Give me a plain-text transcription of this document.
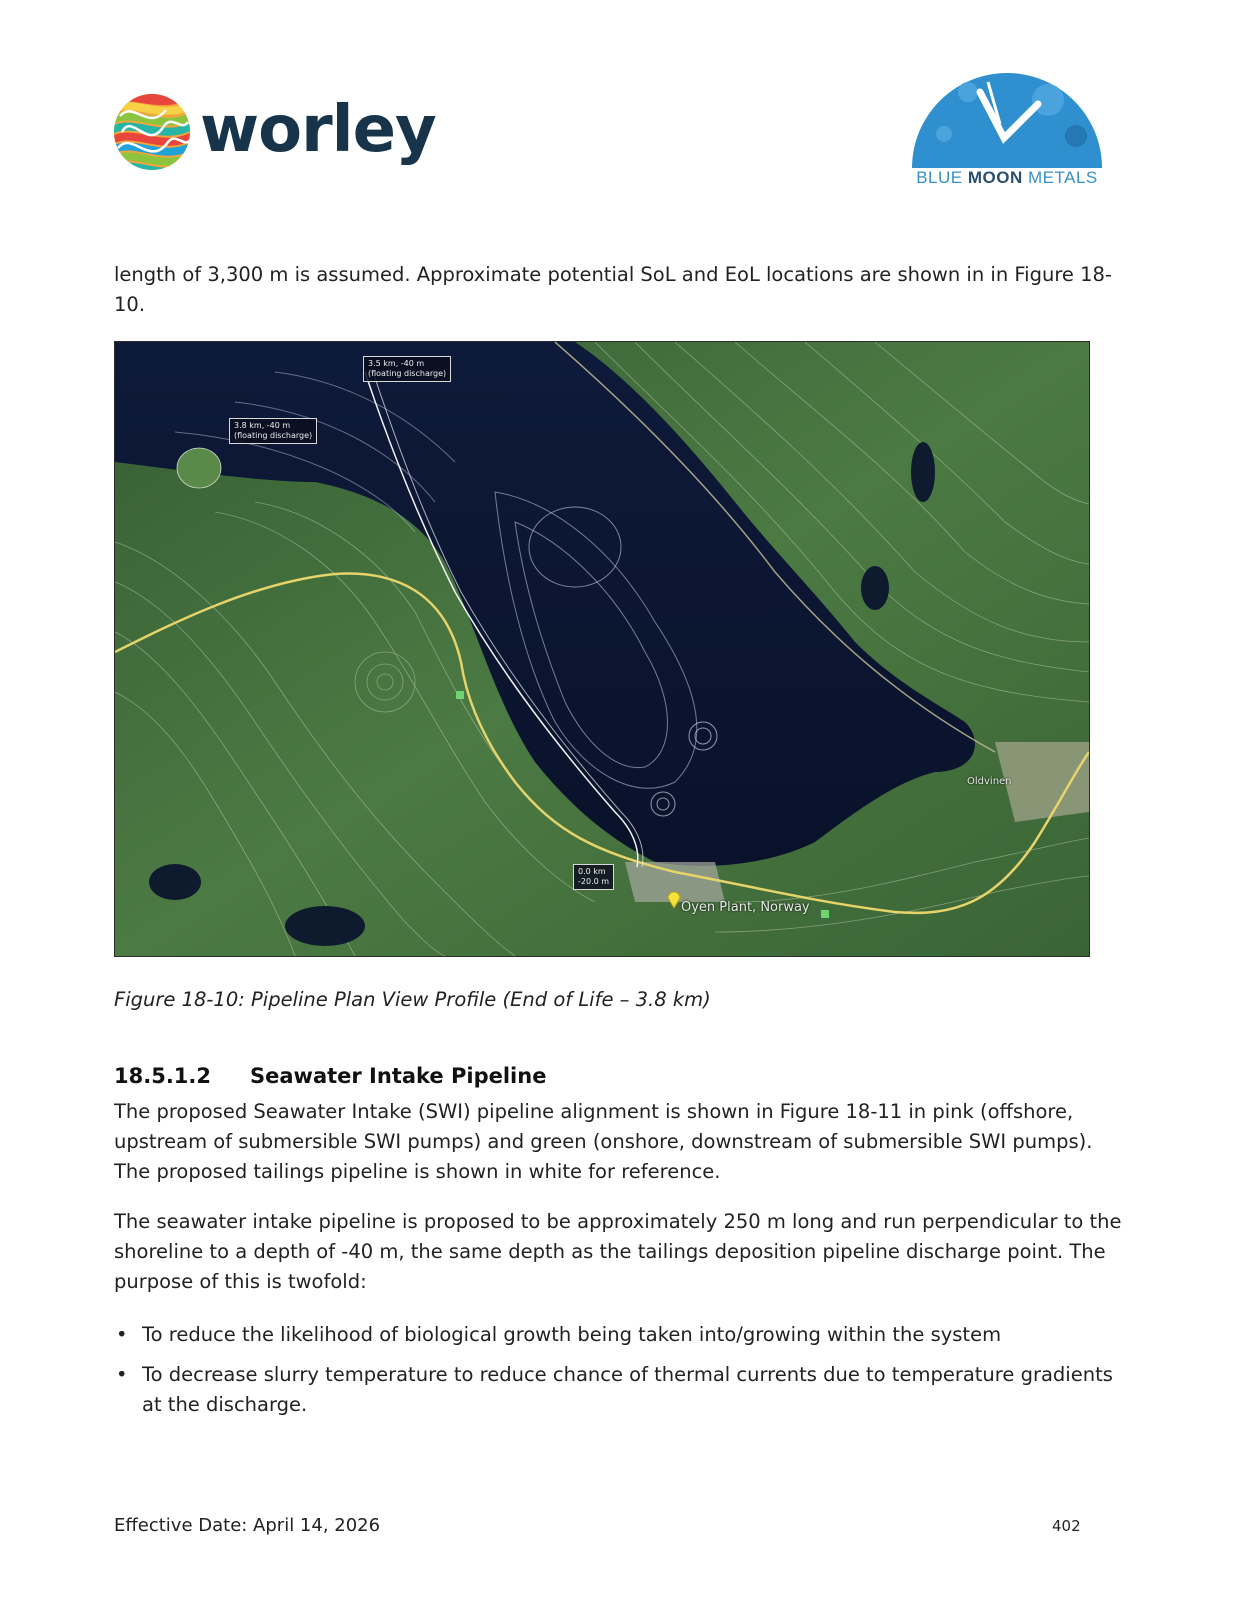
worley
BLUE MOON METALS
length of 3,300 m is assumed. Approximate potential SoL and EoL locations are shown in in Figure 18-10.
3.5 km, -40 m
(floating discharge)
3.8 km, -40 m
(floating discharge)
0.0 km
-20.0 m
Oyen Plant, Norway
Oldvinen
Figure 18-10: Pipeline Plan View Profile (End of Life – 3.8 km)
18.5.1.2 Seawater Intake Pipeline
The proposed Seawater Intake (SWI) pipeline alignment is shown in Figure 18-11 in pink (offshore, upstream of submersible SWI pumps) and green (onshore, downstream of submersible SWI pumps). The proposed tailings pipeline is shown in white for reference.
The seawater intake pipeline is proposed to be approximately 250 m long and run perpendicular to the shoreline to a depth of -40 m, the same depth as the tailings deposition pipeline discharge point. The purpose of this is twofold:
• To reduce the likelihood of biological growth being taken into/growing within the system
• To decrease slurry temperature to reduce chance of thermal currents due to temperature gradients at the discharge.
Effective Date: April 14, 2026	402
